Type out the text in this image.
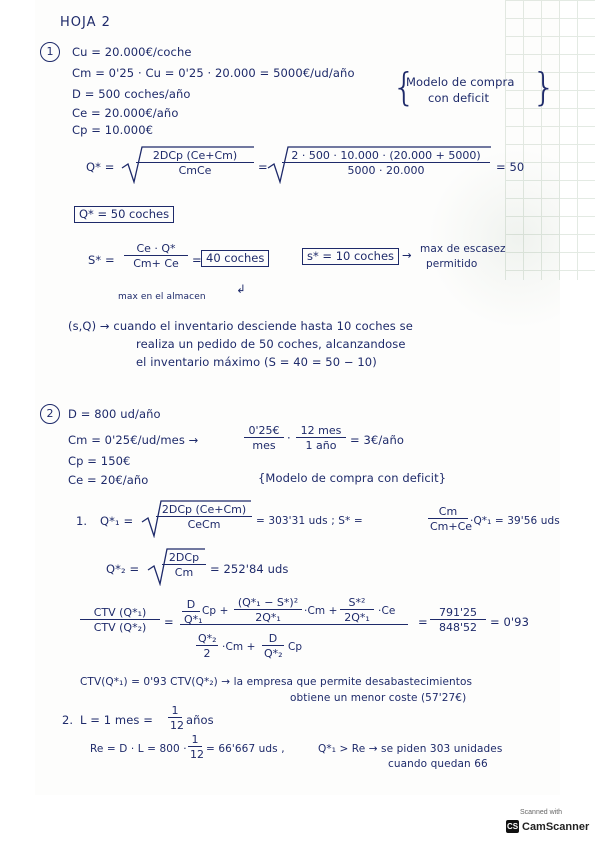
HOJA 2
1	Cu = 20.000€/coche
Cm = 0'25 · Cu = 0'25 · 20.000 = 5000€/ud/año
D = 500 coches/año
Ce = 20.000€/año
Cp = 10.000€
{
Modelo de compra
con deficit }
Q* =
2DCp (Ce+Cm)
CmCe	= $\frac{2 \cdot 500 \cdot 10.000 \cdot (20.000 + 5000)}{5000 \cdot 20.000} = 50$
Q* = 50 coches
$S* = \frac{Ce \cdot Q*}{Cm+ Ce} = 40$ coches	s* = 10 coches → max de escasez
permitido
max en el almacen
↲
(s,Q) → cuando el inventario desciende hasta 10 coches se
realiza un pedido de 50 coches, alcanzandose
el inventario máximo (S = 40 = 50 − 10)
2	D = 800 ud/año
Cm = 0'25€/ud/mes →
0'25€
mes
·
12 mes
1 año	= 3€/año
Cp = 150€
Ce = 20€/año	{Modelo de compra con deficit}
1. Q*₁ =
2DCp (Ce+Cm)
CeCm	= 303'31 uds ; S* =	$\frac{Cm}{Cm+Ce} \cdot Q*_1 = 39'56$ uds
Q*₂ =
2DCp
Cm	= 252'84 uds
CTV (Q*₁)
CTV (Q*₂)	= $\frac{D}{\text{Q*₁}}$ $Cp + \frac{\text{(Q*₁ − S*)²}}{\text{2Q*₁}} \cdot Cm + \frac{\text{S*²}}{\text{2Q*₁}} \cdot Ce$
$\frac{\text{Q*₂}}{2} \cdot Cm + \frac{D}{\text{Q*₂}}$ Cp
= $\frac{791'25}{848'52} = 0'93$
CTV(Q*₁) = 0'93 CTV(Q*₂) → la empresa que permite desabastecimientos
obtiene un menor coste (57'27€)
2. L = 1 mes = $\frac{1}{12}$ años
$Re = D \cdot L = 800 \cdot \frac{1}{12} = 66'667$ uds ,	Q*₁ > Re → se piden 303 unidades
cuando quedan 66
Scanned with
CS CamScanner
